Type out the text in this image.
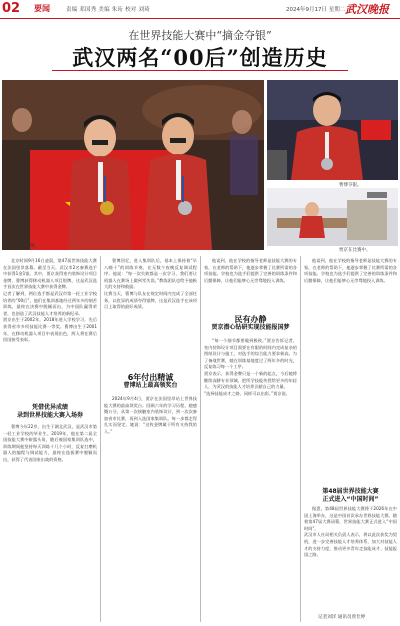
02 要闻	责编 邓国秀 美编 朱珩 校对 刘琦	2024年9月17日 星期二 武汉晚报
在世界技能大赛中“摘金夺银”
武汉两名“00后”创造历史
贾京(左)与曹博。
曹博夺银。
贾京在比赛中。

北京时间9月16日凌晨，第47届世界技能大赛在法国里昂落幕。截至当天，武汉市2名参赛选手中获得1金1银。其中，贾京获得室内装饰设计项目金牌，曹博获得移动机器人项目银牌，这是武汉选手首次在世界技能大赛中获得金牌。
记者了解到，两位选手都是武汉市第一轻工业学校培养的“00后”，他们在集训基地经过两年多的刻苦训练，最终在决赛中脱颖而出，为中国队赢得荣誉，也创造了武汉技能人才培养的新纪录。
贾京出生于2002年，2018年进入学校学习，先后获得省市多项技能比赛一等奖。曹博出生于2001年，在移动机器人项目中表现出色，两人将在赛后回国接受表彰。

凭借优异成绩
录到世界技能大赛入场券

曹博今年22岁，出生于湖北武汉，是武汉市第一轻工业学校的毕业生。2019年，他在第二届全国技能大赛中崭露头角，随后被国家集训队选中。训练期间他坚持每天训练十几个小时，反复打磨机器人的编程与调试能力，最终在选拔赛中脱颖而出，获得了代表国家出战的资格。

曹博回忆，进入集训队后，基本上保持着“早八晚十”的训练节奏，在无数个夜晚反复调试程序。他说：“每一次失败都是一次学习，我们要让机器人在赛场上做到零失误。”教练团队也给予他极大的支持和鼓励。
比赛当天，曹博与队友在规定时间内完成了全部任务，以优异的成绩夺得银牌，这是武汉选手在该项目上取得的最好成绩。

6年付出精诚
曹博站上最高领奖台

2024年9月4日，贾京在法国里昂站上世界技能大赛的最高领奖台。回顾六年的学习历程，她感慨万分，从第一次接触室内装饰设计，到一次次参加省市比赛，再到入选国家集训队，每一步都走得扎实而坚定。她说：“这枚金牌属于所有支持我的人。”

他谈到，他在学校的指导老师是技能大赛的专家，在老师的帮助下，他逐步掌握了比赛所需的各项技能。学校也为选手们提供了完善的训练条件和后勤保障，让他们能够心无旁骛地投入训练。

民有办静
贾京潜心钻研实现技能报国梦

“每一个细节都要做到极致。”贾京告诉记者，室内装饰设计项目需要在有限的时间内完成复杂的图纸设计与施工，对选手的综合能力要求极高。为了备战世赛，她在训练基地度过了两年多的时光，反复练习每一个工序。
贾京表示，获得金牌只是一个新的起点，今后她将继续深耕专业领域，把所学技能传授给更多的年轻人，为武汉的技能人才培养贡献自己的力量。
“选择技能成才之路，同样可以出彩。”贾京说。

他谈到，他在学校的指导老师是技能大赛的专家，在老师的帮助下，他逐步掌握了比赛所需的各项技能。学校也为选手们提供了完善的训练条件和后勤保障，让他们能够心无旁骛地投入训练。

第48届世界技能大赛
正式进入“中国时间”

据悉，第48届世界技能大赛将于2026年在中国上海举办，这是中国首次承办世界技能大赛。随着第47届大赛闭幕，世界技能大赛正式进入“中国时间”。
武汉市人社局相关负责人表示，将以此次获奖为契机，进一步完善技能人才培养体系，加大对技能人才的支持力度，推动更多青年走技能成才、技能报国之路。

记者刘洋 通讯员曾仕婷
